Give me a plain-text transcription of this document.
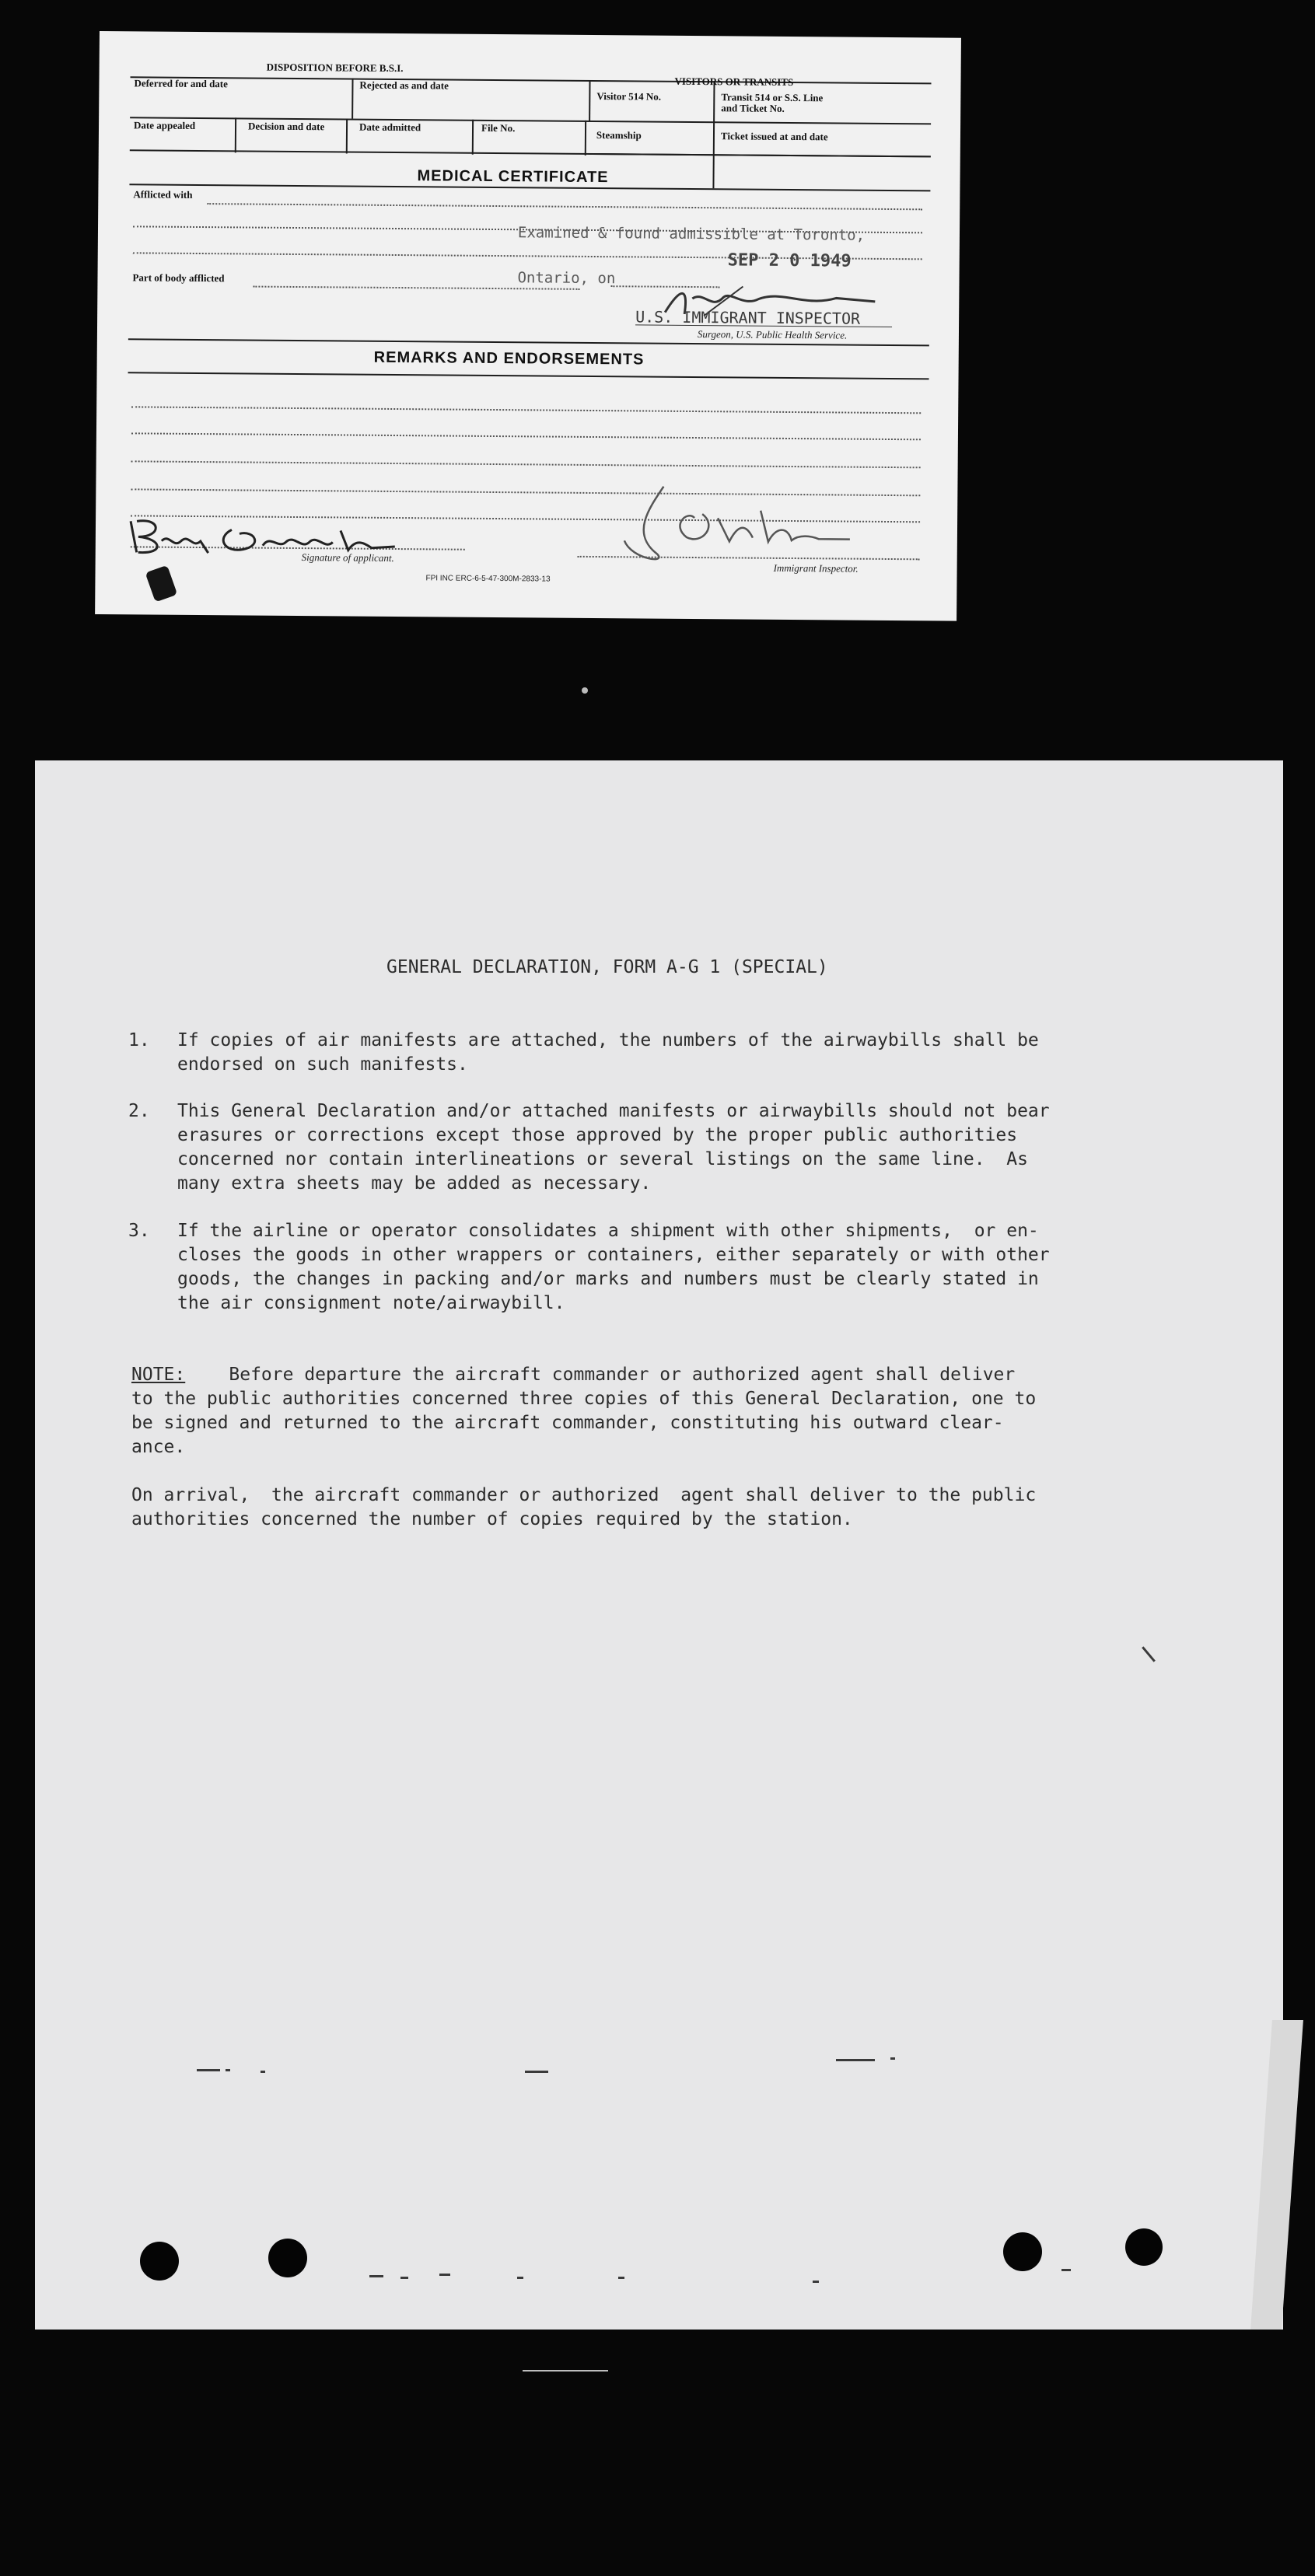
DISPOSITION BEFORE B.S.I.
VISITORS OR TRANSITS
Deferred for and date	Rejected as and date
Visitor 514 No.	Transit 514 or S.S. Line
and Ticket No.
Date appealed	Decision and date	Date admitted	File No.
Steamship	Ticket issued at and date
MEDICAL CERTIFICATE
Afflicted with
Part of body afflicted
Examined & found admissible at Toronto,
SEP 2 0 1949
Ontario, on
U.S. IMMIGRANT INSPECTOR
Surgeon, U.S. Public Health Service.
REMARKS AND ENDORSEMENTS
Signature of applicant.
Immigrant Inspector.
FPI INC ERC-6-5-47-300M-2833-13
GENERAL DECLARATION, FORM A-G 1 (SPECIAL)
1. If copies of air manifests are attached, the numbers of the airwaybills shall be
endorsed on such manifests.
2. This General Declaration and/or attached manifests or airwaybills should not bear
erasures or corrections except those approved by the proper public authorities
concerned nor contain interlineations or several listings on the same line.  As
many extra sheets may be added as necessary.
3. If the airline or operator consolidates a shipment with other shipments,  or en-
closes the goods in other wrappers or containers, either separately or with other
goods, the changes in packing and/or marks and numbers must be clearly stated in
the air consignment note/airwaybill.
NOTE: Before departure the aircraft commander or authorized agent shall deliver
to the public authorities concerned three copies of this General Declaration, one to
be signed and returned to the aircraft commander, constituting his outward clear-
ance.
On arrival,  the aircraft commander or authorized  agent shall deliver to the public
authorities concerned the number of copies required by the station.
